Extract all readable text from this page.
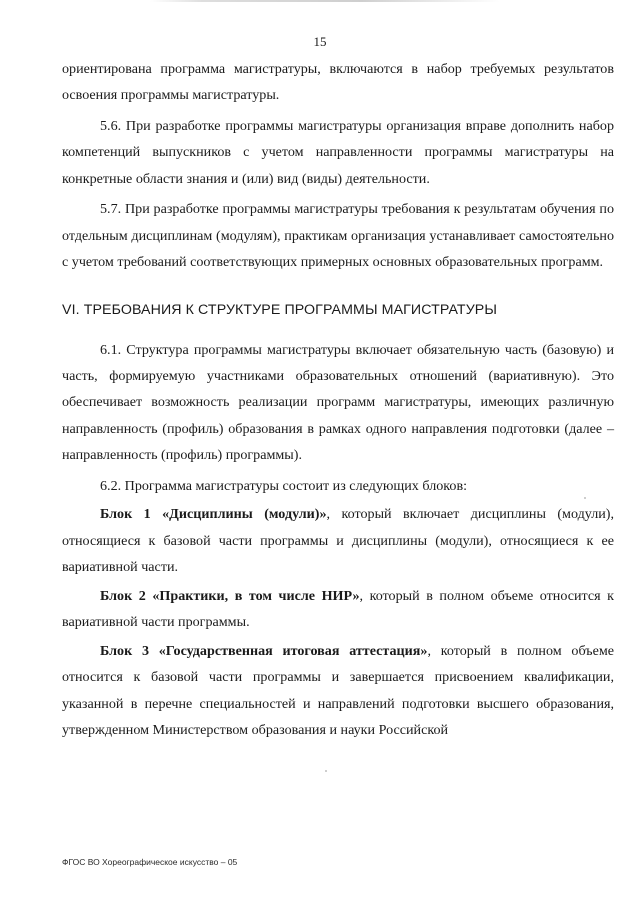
15

ориентирована программа магистратуры, включаются в набор требуемых результатов освоения программы магистратуры.

5.6. При разработке программы магистратуры организация вправе дополнить набор компетенций выпускников с учетом направленности программы магистратуры на конкретные области знания и (или) вид (виды) деятельности.

5.7. При разработке программы магистратуры требования к результатам обучения по отдельным дисциплинам (модулям), практикам организация устанавливает самостоятельно с учетом требований соответствующих примерных основных образовательных программ.

VI. ТРЕБОВАНИЯ К СТРУКТУРЕ ПРОГРАММЫ МАГИСТРАТУРЫ

6.1. Структура программы магистратуры включает обязательную часть (базовую) и часть, формируемую участниками образовательных отношений (вариативную). Это обеспечивает возможность реализации программ магистратуры, имеющих различную направленность (профиль) образования в рамках одного направления подготовки (далее – направленность (профиль) программы).

6.2. Программа магистратуры состоит из следующих блоков:

Блок 1 «Дисциплины (модули)», который включает дисциплины (модули), относящиеся к базовой части программы и дисциплины (модули), относящиеся к ее вариативной части.

Блок 2 «Практики, в том числе НИР», который в полном объеме относится к вариативной части программы.

Блок 3 «Государственная итоговая аттестация», который в полном объеме относится к базовой части программы и завершается присвоением квалификации, указанной в перечне специальностей и направлений подготовки высшего образования, утвержденном Министерством образования и науки Российской

ФГОС ВО Хореографическое искусство – 05
